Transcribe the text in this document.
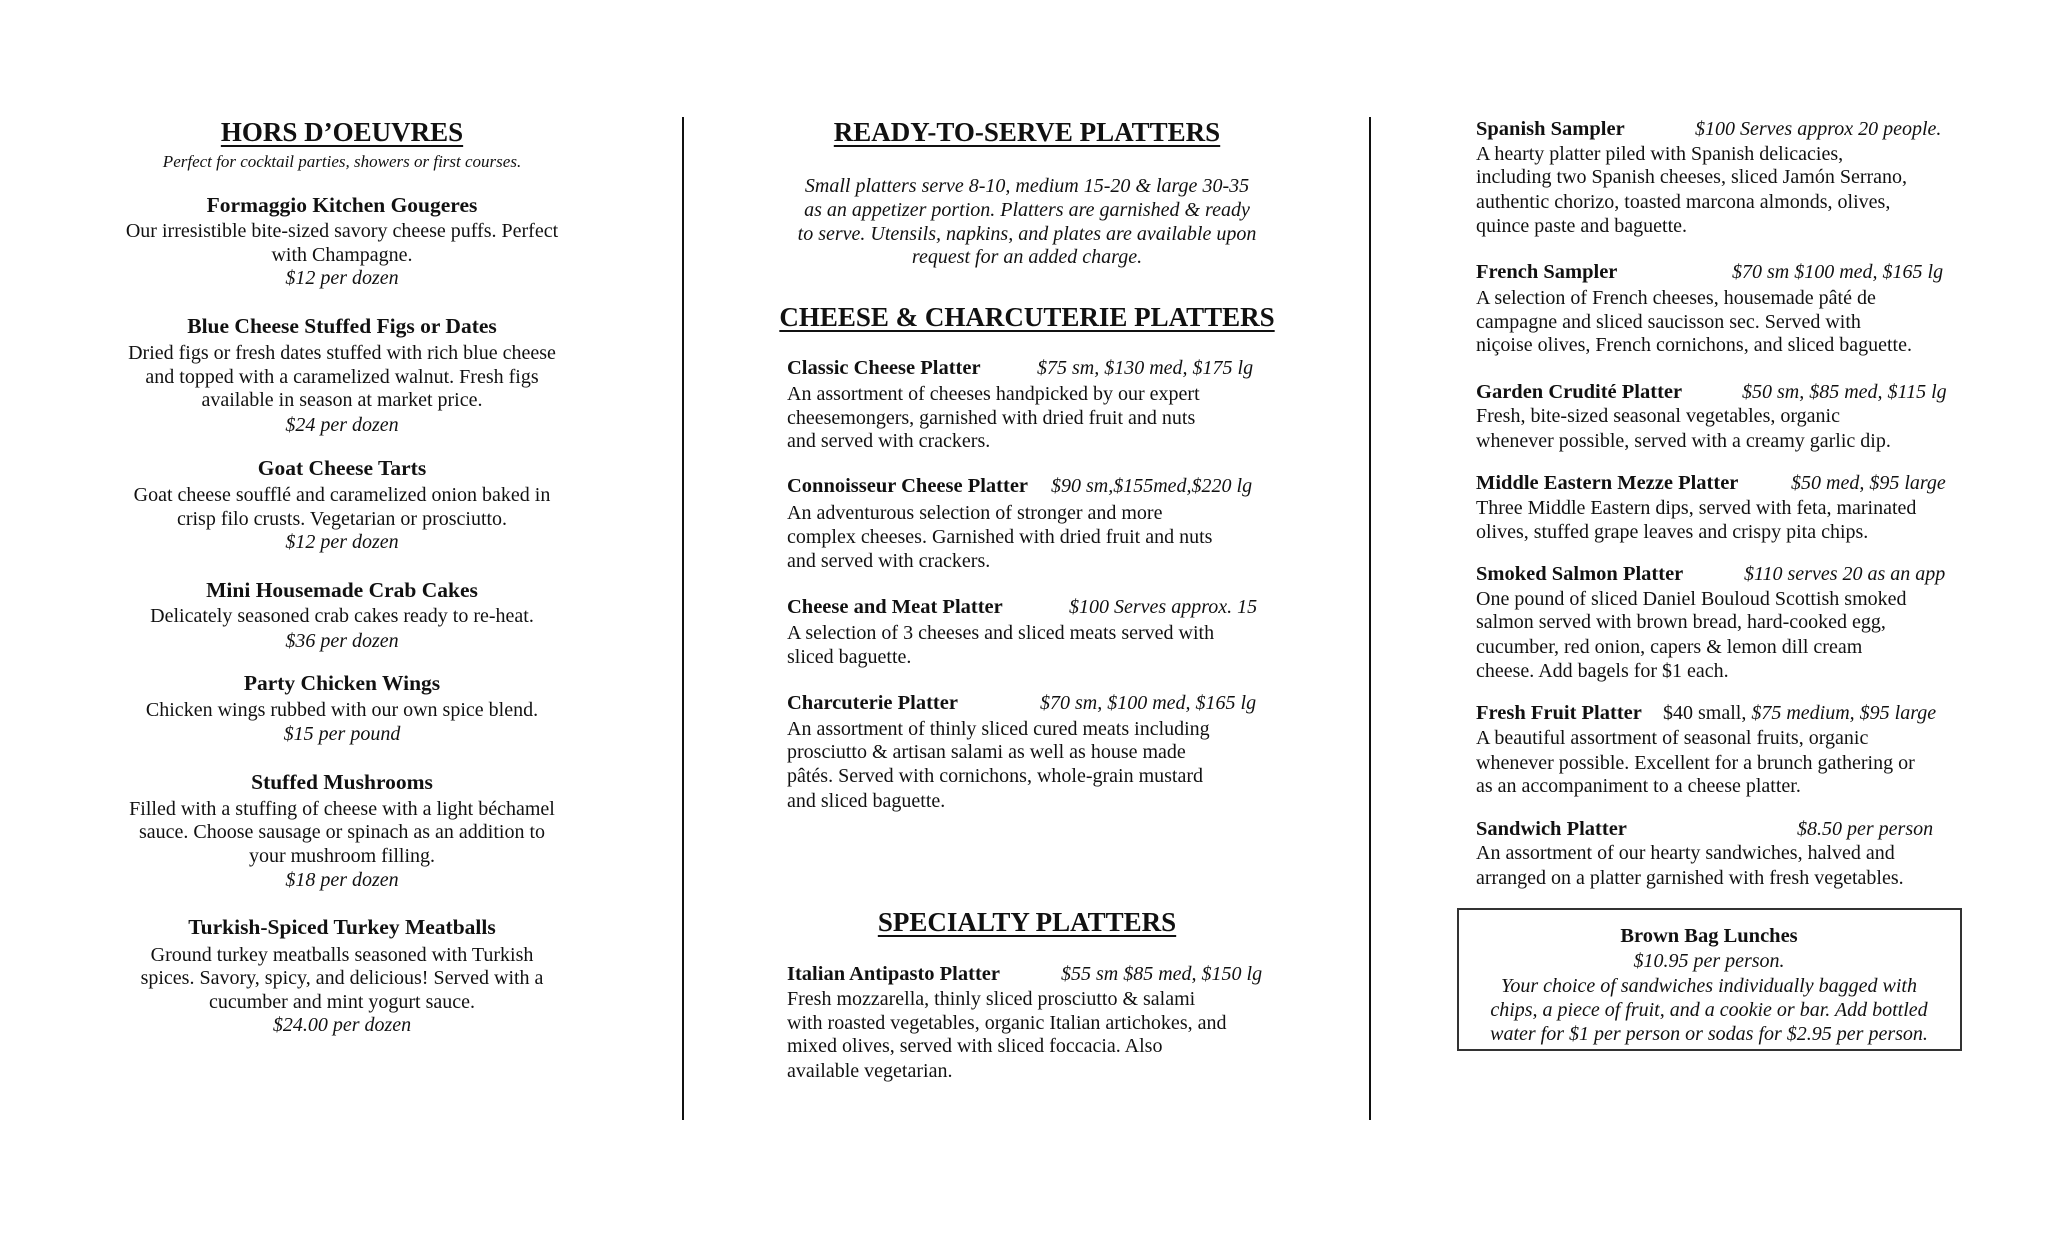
HORS D’OEUVRES
Perfect for cocktail parties, showers or first courses.
Formaggio Kitchen Gougeres
Our irresistible bite-sized savory cheese puffs. Perfect
with Champagne.
$12 per dozen
Blue Cheese Stuffed Figs or Dates
Dried figs or fresh dates stuffed with rich blue cheese
and topped with a caramelized walnut. Fresh figs
available in season at market price.
$24 per dozen
Goat Cheese Tarts
Goat cheese soufflé and caramelized onion baked in
crisp filo crusts. Vegetarian or prosciutto.
$12 per dozen
Mini Housemade Crab Cakes
Delicately seasoned crab cakes ready to re-heat.
$36 per dozen
Party Chicken Wings
Chicken wings rubbed with our own spice blend.
$15 per pound
Stuffed Mushrooms
Filled with a stuffing of cheese with a light béchamel
sauce. Choose sausage or spinach as an addition to
your mushroom filling.
$18 per dozen
Turkish-Spiced Turkey Meatballs
Ground turkey meatballs seasoned with Turkish
spices. Savory, spicy, and delicious! Served with a
cucumber and mint yogurt sauce.
$24.00 per dozen
READY-TO-SERVE PLATTERS
Small platters serve 8-10, medium 15-20 & large 30-35
as an appetizer portion. Platters are garnished & ready
to serve. Utensils, napkins, and plates are available upon
request for an added charge.
CHEESE & CHARCUTERIE PLATTERS
Classic Cheese Platter	$75 sm, $130 med, $175 lg
An assortment of cheeses handpicked by our expert
cheesemongers, garnished with dried fruit and nuts
and served with crackers.
Connoisseur Cheese Platter $90 sm,$155med,$220 lg
An adventurous selection of stronger and more
complex cheeses. Garnished with dried fruit and nuts
and served with crackers.
Cheese and Meat Platter	$100 Serves approx. 15
A selection of 3 cheeses and sliced meats served with
sliced baguette.
Charcuterie Platter	$70 sm, $100 med, $165 lg
An assortment of thinly sliced cured meats including
prosciutto & artisan salami as well as house made
pâtés. Served with cornichons, whole-grain mustard
and sliced baguette.
SPECIALTY PLATTERS
Italian Antipasto Platter	$55 sm $85 med, $150 lg
Fresh mozzarella, thinly sliced prosciutto & salami
with roasted vegetables, organic Italian artichokes, and
mixed olives, served with sliced foccacia. Also
available vegetarian.
Spanish Sampler	$100 Serves approx 20 people.
A hearty platter piled with Spanish delicacies,
including two Spanish cheeses, sliced Jamón Serrano,
authentic chorizo, toasted marcona almonds, olives,
quince paste and baguette.
French Sampler	$70 sm $100 med, $165 lg
A selection of French cheeses, housemade pâté de
campagne and sliced saucisson sec. Served with
niçoise olives, French cornichons, and sliced baguette.
Garden Crudité Platter	$50 sm, $85 med, $115 lg
Fresh, bite-sized seasonal vegetables, organic
whenever possible, served with a creamy garlic dip.
Middle Eastern Mezze Platter	$50 med, $95 large
Three Middle Eastern dips, served with feta, marinated
olives, stuffed grape leaves and crispy pita chips.
Smoked Salmon Platter	$110 serves 20 as an app
One pound of sliced Daniel Bouloud Scottish smoked
salmon served with brown bread, hard-cooked egg,
cucumber, red onion, capers & lemon dill cream
cheese. Add bagels for $1 each.
Fresh Fruit Platter $40 small, $75 medium, $95 large
A beautiful assortment of seasonal fruits, organic
whenever possible. Excellent for a brunch gathering or
as an accompaniment to a cheese platter.
Sandwich Platter	$8.50 per person
An assortment of our hearty sandwiches, halved and
arranged on a platter garnished with fresh vegetables.
Brown Bag Lunches
$10.95 per person.
Your choice of sandwiches individually bagged with
chips, a piece of fruit, and a cookie or bar. Add bottled
water for $1 per person or sodas for $2.95 per person.
